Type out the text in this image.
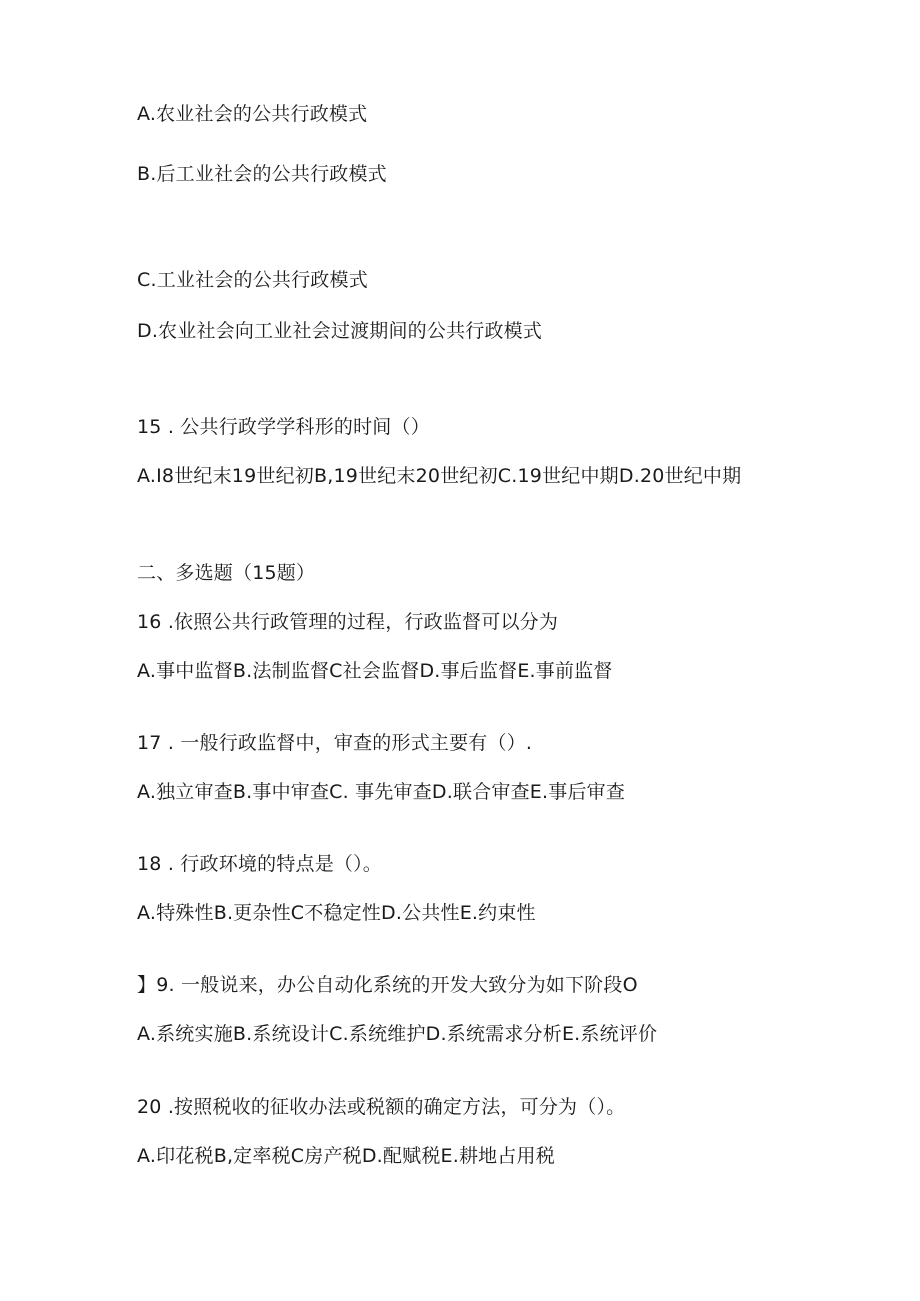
A.农业社会的公共行政模式
B.后工业社会的公共行政模式
C.工业社会的公共行政模式
D.农业社会向工业社会过渡期间的公共行政模式
15 . 公共行政学学科形的时间（）
A.I8世纪末19世纪初B,19世纪末20世纪初C.19世纪中期D.20世纪中期
二、多选题（15题）
16 .依照公共行政管理的过程，行政监督可以分为
A.事中监督B.法制监督C社会监督D.事后监督E.事前监督
17 . 一般行政监督中，审查的形式主要有（）.
A.独立审查B.事中审查C. 事先审查D.联合审查E.事后审查
18 . 行政环境的特点是（）。
A.特殊性B.更杂性C不稳定性D.公共性E.约束性
】9. 一般说来，办公自动化系统的开发大致分为如下阶段O
A.系统实施B.系统设计C.系统维护D.系统需求分析E.系统评价
20 .按照税收的征收办法或税额的确定方法，可分为（）。
A.印花税B,定率税C房产税D.配赋税E.耕地占用税
